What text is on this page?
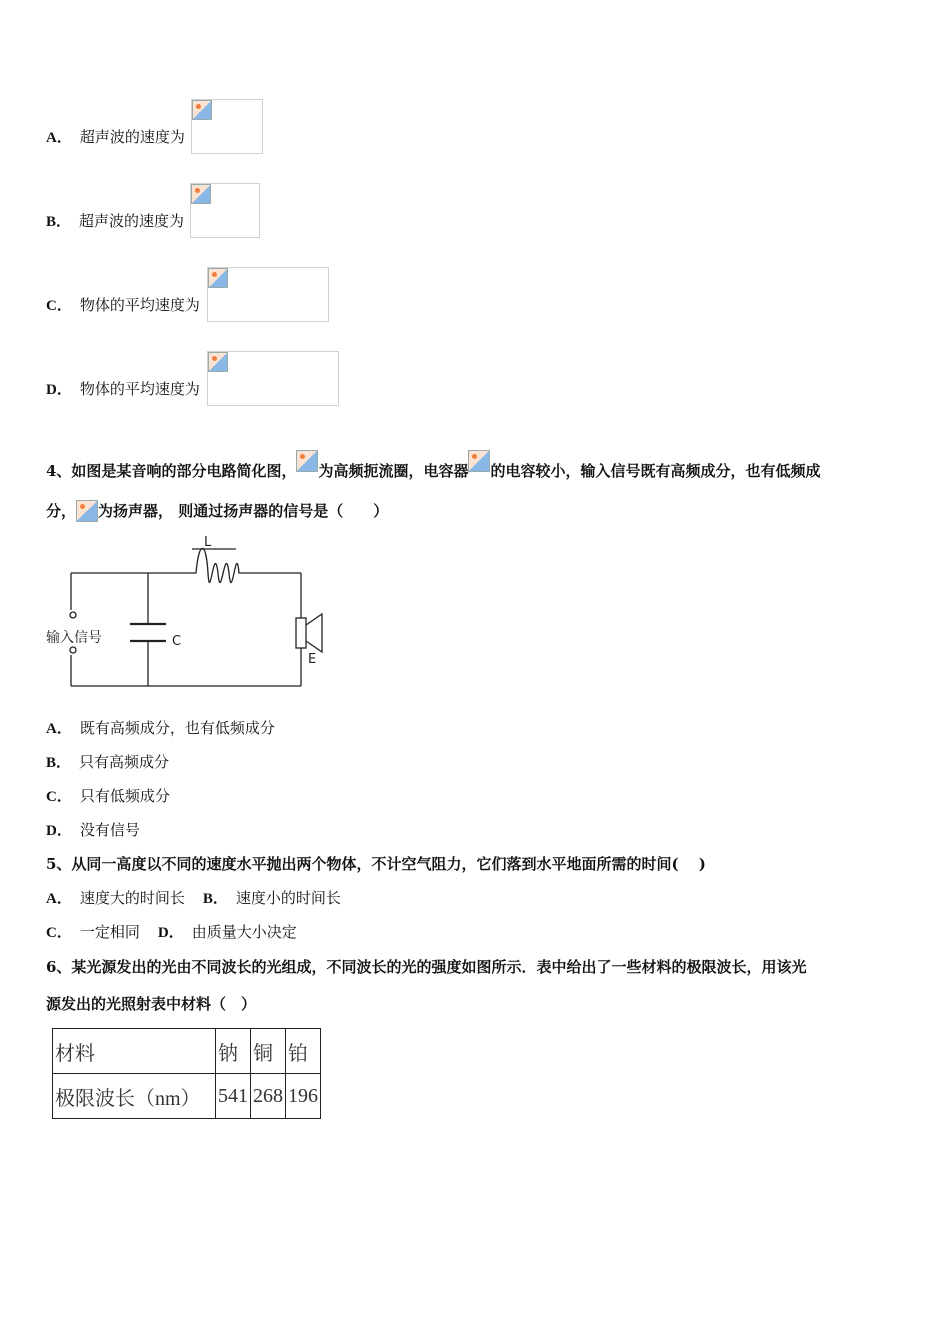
A． 超声波的速度为
B． 超声波的速度为
C． 物体的平均速度为
D． 物体的平均速度为
4、如图是某音响的部分电路简化图， 为高频扼流圈，电容器 的电容较小，输入信号既有高频成分，也有低频成
分， 为扬声器， 则通过扬声器的信号是（　　）
L
C
E
输入信号
A． 既有高频成分，也有低频成分
B． 只有高频成分
C． 只有低频成分
D． 没有信号
5、从同一高度以不同的速度水平抛出两个物体，不计空气阻力，它们落到水平地面所需的时间(　 )
A． 速度大的时间长 B． 速度小的时间长
C． 一定相同 D． 由质量大小决定
6、某光源发出的光由不同波长的光组成，不同波长的光的强度如图所示．表中给出了一些材料的极限波长，用该光
源发出的光照射表中材料（　）
材料	钠	铜	铂
极限波长（nm）	541	268	196
